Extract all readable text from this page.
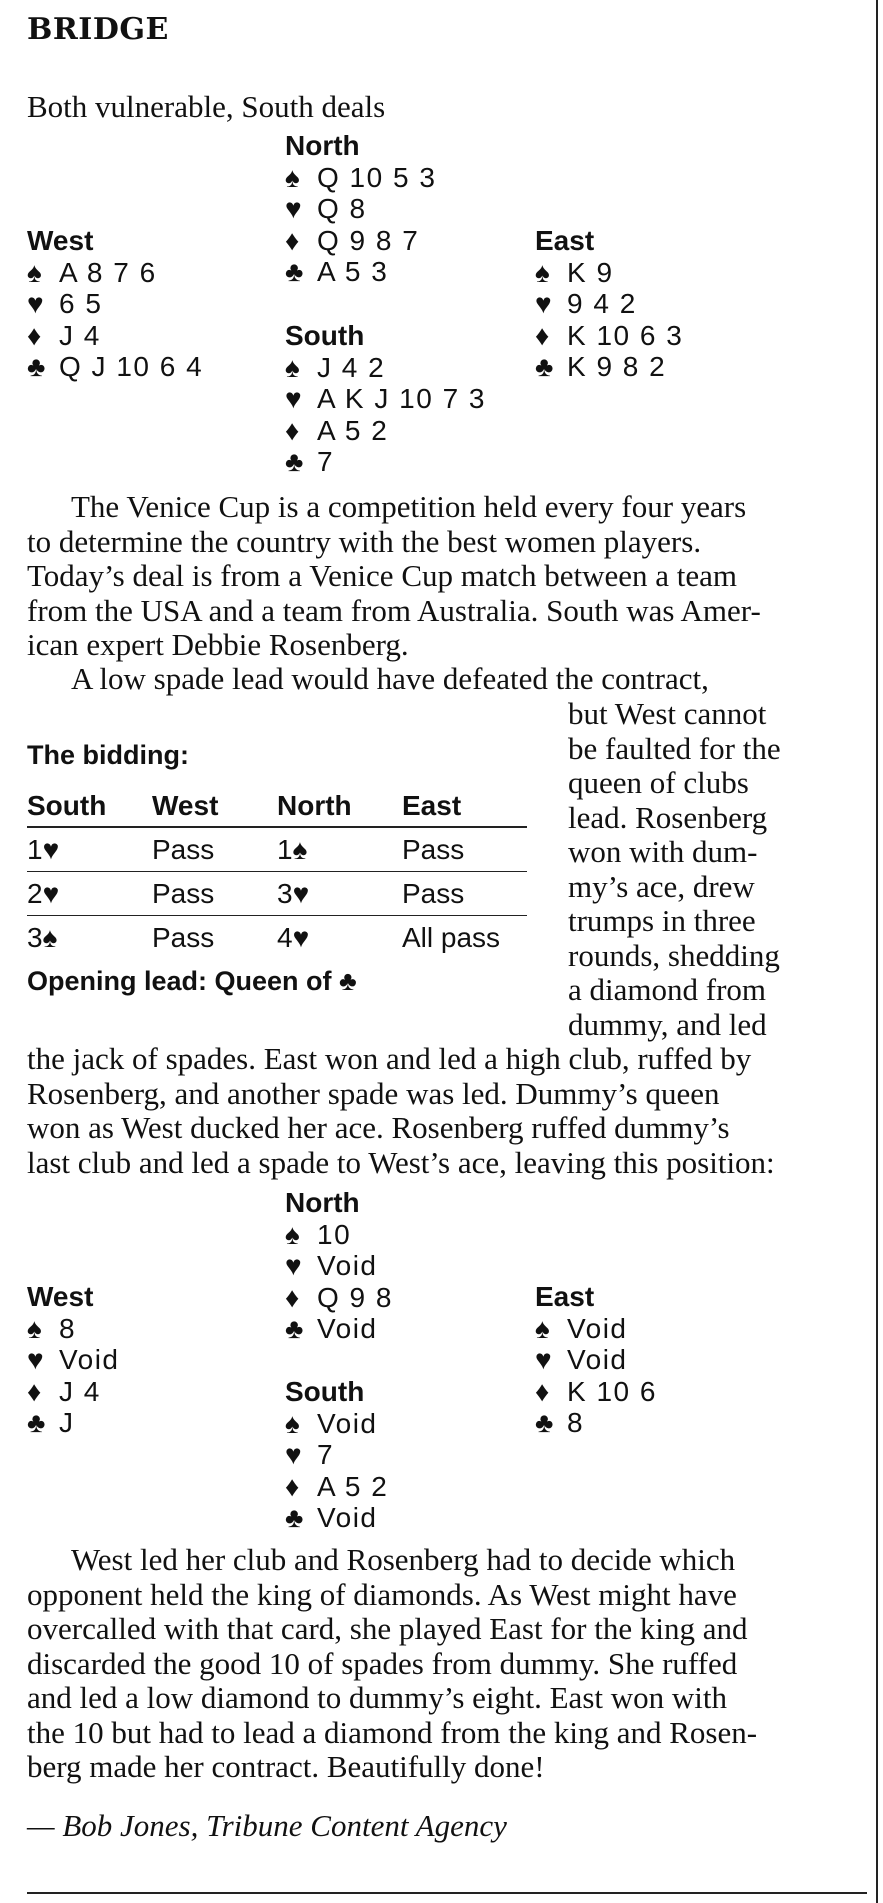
BRIDGE
Both vulnerable, South deals
North
♠ Q 10 5 3
♥ Q 8
♦ Q 9 8 7
♣ A 5 3
West
♠ A 8 7 6
♥ 6 5
♦ J 4
♣ Q J 10 6 4
East
♠ K 9
♥ 9 4 2
♦ K 10 6 3
♣ K 9 8 2
South
♠ J 4 2
♥ A K J 10 7 3
♦ A 5 2
♣ 7
The Venice Cup is a competition held every four years
to determine the country with the best women players.
Today’s deal is from a Venice Cup match between a team
from the USA and a team from Australia. South was Amer-
ican expert Debbie Rosenberg.
A low spade lead would have defeated the contract,
but West cannot
be faulted for the
queen of clubs
lead. Rosenberg
won with dum-
my’s ace, drew
trumps in three
rounds, shedding
a diamond from
dummy, and led
The bidding:
South	West	North	East
1♥	Pass	1♠	Pass
2♥	Pass	3♥	Pass
3♠	Pass	4♥	All pass
Opening lead: Queen of ♣
the jack of spades. East won and led a high club, ruffed by
Rosenberg, and another spade was led. Dummy’s queen
won as West ducked her ace. Rosenberg ruffed dummy’s
last club and led a spade to West’s ace, leaving this position:
North
♠ 10
♥ Void
♦ Q 9 8
♣ Void
West
♠ 8
♥ Void
♦ J 4
♣ J
East
♠ Void
♥ Void
♦ K 10 6
♣ 8
South
♠ Void
♥ 7
♦ A 5 2
♣ Void
West led her club and Rosenberg had to decide which
opponent held the king of diamonds. As West might have
overcalled with that card, she played East for the king and
discarded the good 10 of spades from dummy. She ruffed
and led a low diamond to dummy’s eight. East won with
the 10 but had to lead a diamond from the king and Rosen-
berg made her contract. Beautifully done!
— Bob Jones, Tribune Content Agency
